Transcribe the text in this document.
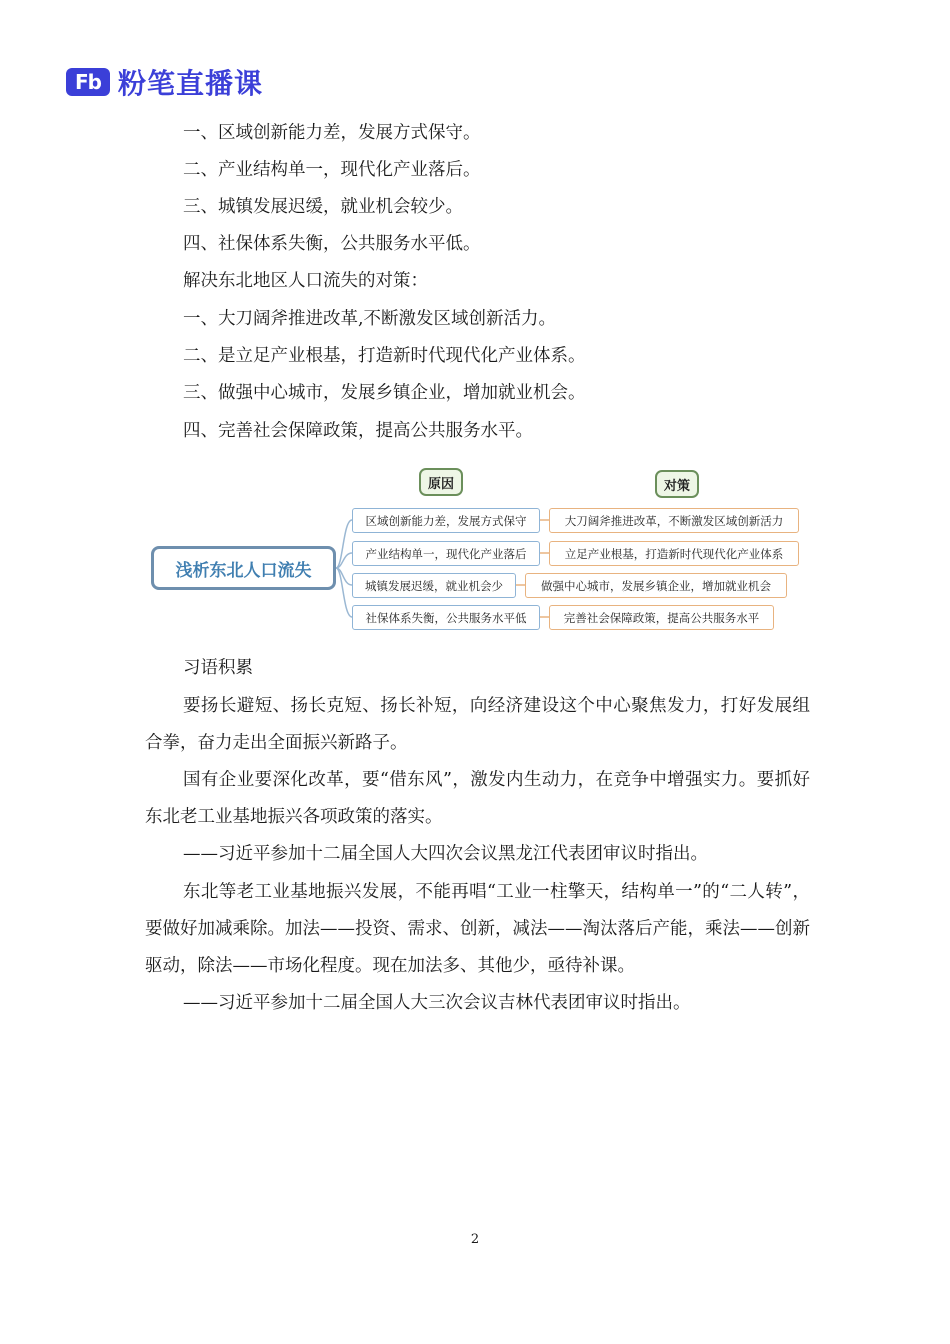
Fb 粉笔直播课
一、区域创新能力差，发展方式保守。
二、产业结构单一，现代化产业落后。
三、城镇发展迟缓，就业机会较少。
四、社保体系失衡，公共服务水平低。
解决东北地区人口流失的对策：
一、大刀阔斧推进改革,不断激发区域创新活力。
二、是立足产业根基，打造新时代现代化产业体系。
三、做强中心城市，发展乡镇企业，增加就业机会。
四、完善社会保障政策，提高公共服务水平。
原因	对策
浅析东北人口流失
区域创新能力差，发展方式保守
产业结构单一，现代化产业落后
城镇发展迟缓，就业机会少
社保体系失衡，公共服务水平低
大刀阔斧推进改革，不断激发区域创新活力
立足产业根基，打造新时代现代化产业体系
做强中心城市，发展乡镇企业，增加就业机会
完善社会保障政策，提高公共服务水平
习语积累
要扬长避短、扬长克短、扬长补短，向经济建设这个中心聚焦发力，打好发展组合拳，奋力走出全面振兴新路子。
国有企业要深化改革，要“借东风”，激发内生动力，在竞争中增强实力。要抓好东北老工业基地振兴各项政策的落实。
——习近平参加十二届全国人大四次会议黑龙江代表团审议时指出。
东北等老工业基地振兴发展，不能再唱“工业一柱擎天，结构单一”的“二人转”，要做好加减乘除。加法——投资、需求、创新，减法——淘汰落后产能，乘法——创新驱动，除法——市场化程度。现在加法多、其他少，亟待补课。
——习近平参加十二届全国人大三次会议吉林代表团审议时指出。
2
